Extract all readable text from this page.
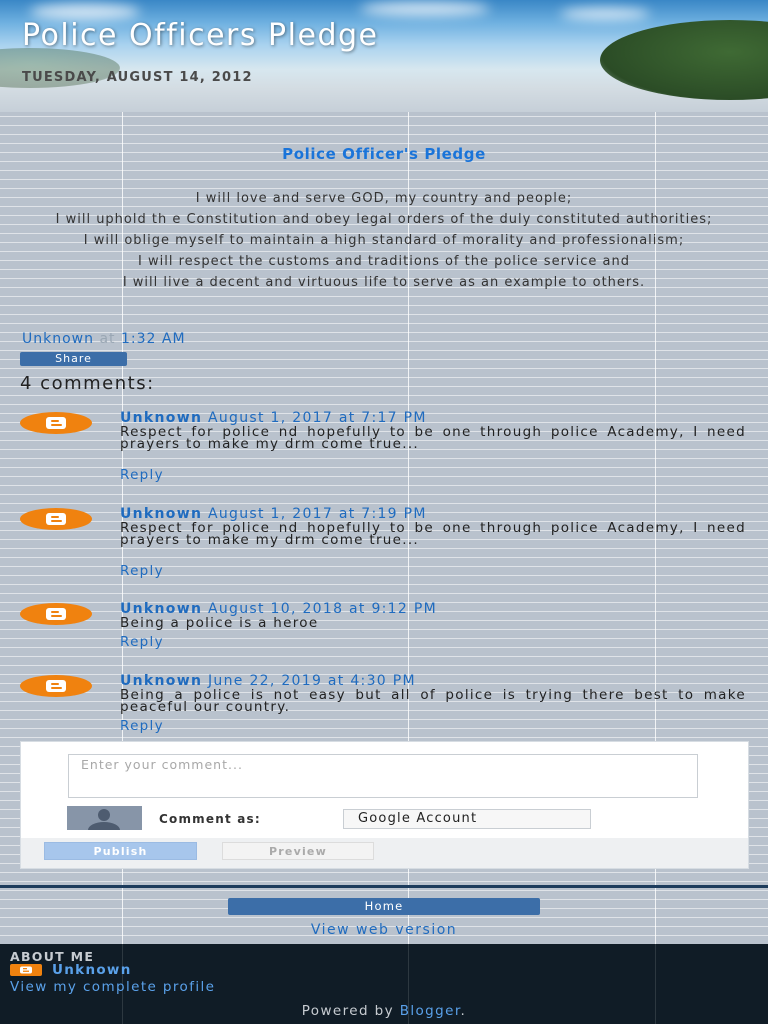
Police Officers Pledge
TUESDAY, AUGUST 14, 2012
Police Officer's Pledge

I will love and serve GOD, my country and people;

I will uphold th e Constitution and obey legal orders of the duly constituted authorities;

I will oblige myself to maintain a high standard of morality and professionalism;

I will respect the customs and traditions of the police service and

I will live a decent and virtuous life to serve as an example to others.

Unknown at 1:32 AM
Share
4 comments:
Unknown August 1, 2017 at 7:17 PM
Respect for police nd hopefully to be one through police Academy, I need prayers to make my drm come true...
Reply
Unknown August 1, 2017 at 7:19 PM
Respect for police nd hopefully to be one through police Academy, I need prayers to make my drm come true...
Reply
Unknown August 10, 2018 at 9:12 PM
Being a police is a heroe
Reply
Unknown June 22, 2019 at 4:30 PM
Being a police is not easy but all of police is trying there best to make peaceful our country.
Reply
Enter your comment...
Comment as:	Google Account
Publish	Preview
Home
View web version
ABOUT ME
Unknown
View my complete profile
Powered by Blogger.
